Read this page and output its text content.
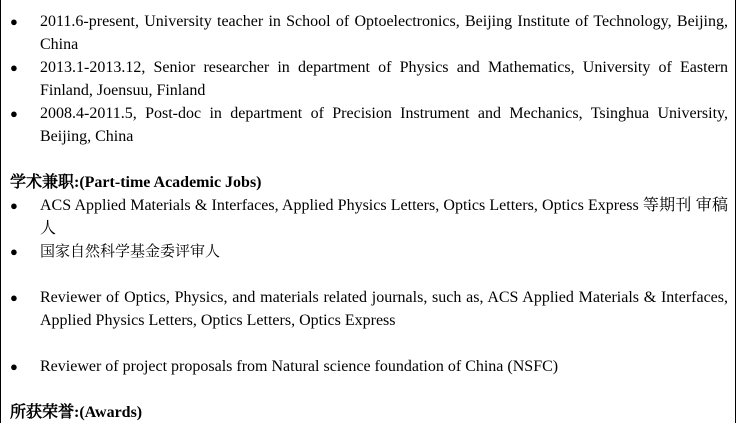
● 2011.6-present, University teacher in School of Optoelectronics, Beijing Institute of Technology, Beijing, China
● 2013.1-2013.12, Senior researcher in department of Physics and Mathematics, University of Eastern Finland, Joensuu, Finland
● 2008.4-2011.5, Post-doc in department of Precision Instrument and Mechanics, Tsinghua University, Beijing, China

学术兼职:(Part-time Academic Jobs)

● ACS Applied Materials & Interfaces, Applied Physics Letters, Optics Letters, Optics Express 等期刊 审稿人
● 国家自然科学基金委评审人
● Reviewer of Optics, Physics, and materials related journals, such as, ACS Applied Materials & Interfaces, Applied Physics Letters, Optics Letters, Optics Express
● Reviewer of project proposals from Natural science foundation of China (NSFC)

所获荣誉:(Awards)
